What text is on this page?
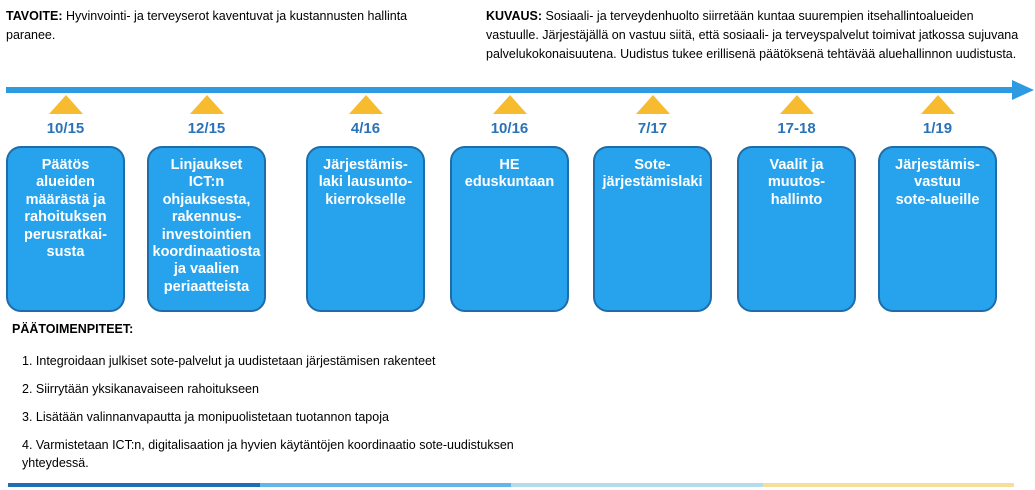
TAVOITE: Hyvinvointi- ja terveyserot kaventuvat ja kustannusten hallinta paranee.
KUVAUS: Sosiaali- ja terveydenhuolto siirretään kuntaa suurempien itsehallintoalueiden vastuulle. Järjestäjällä on vastuu siitä, että sosiaali- ja terveyspalvelut toimivat jatkossa sujuvana palvelukokonaisuutena. Uudistus tukee erillisenä päätöksenä tehtävää aluehallinnon uudistusta.
10/15
Päätös
alueiden
määrästä ja
rahoituksen
perusratkai-
susta
12/15
Linjaukset
ICT:n
ohjauksesta,
rakennus-
investointien
koordinaatiosta
ja vaalien
periaatteista
4/16
Järjestämis-
laki lausunto-
kierrokselle
10/16
HE
eduskuntaan
7/17
Sote-
järjestämislaki
17-18
Vaalit ja
muutos-
hallinto
1/19
Järjestämis-
vastuu
sote-alueille
PÄÄTOIMENPITEET:
1. Integroidaan julkiset sote-palvelut ja uudistetaan järjestämisen rakenteet
2. Siirrytään yksikanavaiseen rahoitukseen
3. Lisätään valinnanvapautta ja monipuolistetaan tuotannon tapoja
4. Varmistetaan ICT:n, digitalisaation ja hyvien käytäntöjen koordinaatio sote-uudistuksen yhteydessä.
